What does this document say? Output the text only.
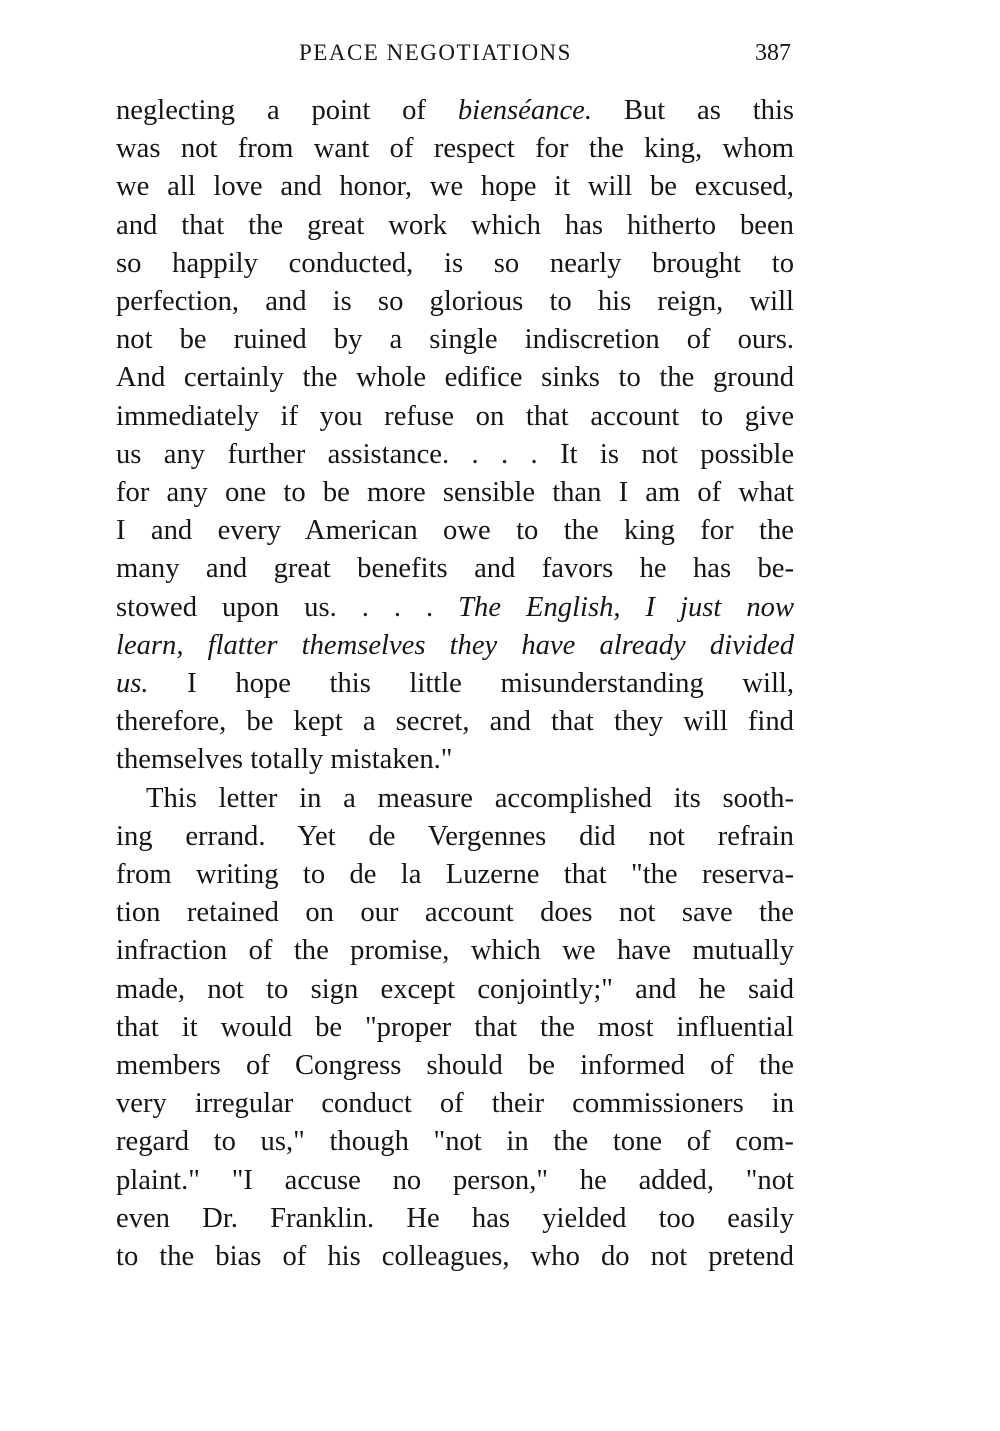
PEACE NEGOTIATIONS	387
neglecting a point of bienséance. But as this
was not from want of respect for the king, whom
we all love and honor, we hope it will be excused,
and that the great work which has hitherto been
so happily conducted, is so nearly brought to
perfection, and is so glorious to his reign, will
not be ruined by a single indiscretion of ours.
And certainly the whole edifice sinks to the ground
immediately if you refuse on that account to give
us any further assistance. . . . It is not possible
for any one to be more sensible than I am of what
I and every American owe to the king for the
many and great benefits and favors he has be-
stowed upon us. . . . The English, I just now
learn, flatter themselves they have already divided
us. I hope this little misunderstanding will,
therefore, be kept a secret, and that they will find
themselves totally mistaken."
This letter in a measure accomplished its sooth-
ing errand. Yet de Vergennes did not refrain
from writing to de la Luzerne that "the reserva-
tion retained on our account does not save the
infraction of the promise, which we have mutually
made, not to sign except conjointly;" and he said
that it would be "proper that the most influential
members of Congress should be informed of the
very irregular conduct of their commissioners in
regard to us," though "not in the tone of com-
plaint." "I accuse no person," he added, "not
even Dr. Franklin. He has yielded too easily
to the bias of his colleagues, who do not pretend
